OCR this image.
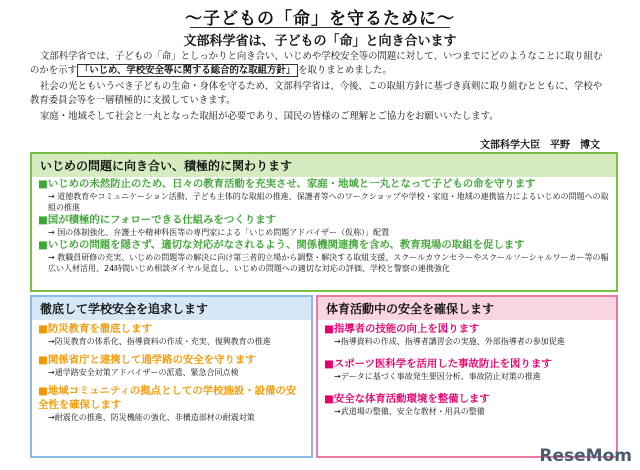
～子どもの「命」を守るために～
文部科学省は、子どもの「命」と向き合います

文部科学省では、子どもの「命」としっかりと向き合い、いじめや学校安全等の問題に対して、いつまでにどのようなことに取り組むのかを示す 「いじめ、学校安全等に関する総合的な取組方針」 を取りまとめました。

社会の光ともいうべき子どもの生命・身体を守るため、文部科学省は、今後、この取組方針に基づき真剣に取り組むとともに、学校や教育委員会等を一層積極的に支援していきます。

家庭・地域そして社会と一丸となった取組が必要であり、国民の皆様のご理解とご協力をお願いいたします。

文部科学大臣　平野　博文
いじめの問題に向き合い、積極的に関わります
■いじめの未然防止のため、日々の教育活動を充実させ、家庭・地域と一丸となって子どもの命を守ります
→ 道徳教育やコミュニケーション活動、子ども主体的な取組の推進、保護者等へのワークショップや学校・家庭・地域の連携協力によるいじめの問題への取組の推進
■国が積極的にフォローできる仕組みをつくります
→ 国の体制強化、弁護士や精神科医等の専門家による「いじめ問題アドバイザー（仮称）」配置
■いじめの問題を隠さず、適切な対応がなされるよう、関係機関連携を含め、教育現場の取組を促します
→ 教職員研修の充実、いじめの問題等の解決に向け第三者的立場から調整・解決する取組支援、スクールカウンセラーやスクールソーシャルワーカー等の幅広い人材活用、24時間いじめ相談ダイヤル見直し、いじめの問題への適切な対応の評価、学校と警察の連携強化
徹底して学校安全を追求します
■防災教育を徹底します
→防災教育の体系化、指導資料の作成・充実、復興教育の推進
■関係省庁と連携して通学路の安全を守ります
→通学路安全対策アドバイザーの派遣、緊急合同点検
■地域コミュニティの拠点としての学校施設・設備の安全性を確保します
→耐震化の推進、防災機能の強化、非構造部材の耐震対策
体育活動中の安全を確保します
■指導者の技能の向上を図ります
→指導資料の作成、指導者講習会の実施、外部指導者の参加促進
■スポーツ医科学を活用した事故防止を図ります
→データに基づく事故発生要因分析、事故防止対策の推進
■安全な体育活動環境を整備します
→武道場の整備、安全な教材・用具の整備
ReseMom
